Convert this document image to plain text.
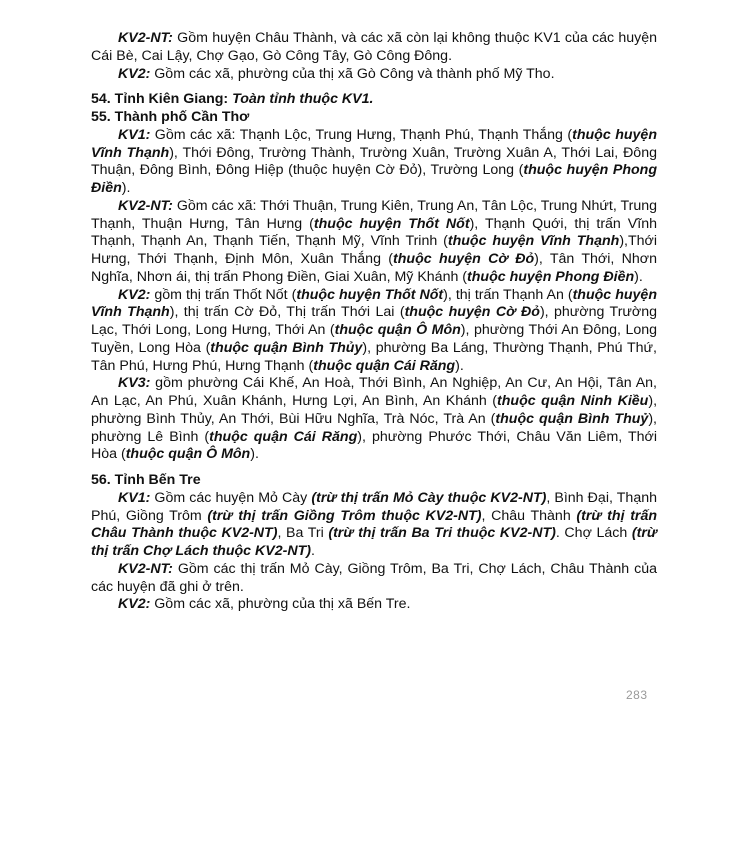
KV2-NT: Gồm huyện Châu Thành, và các xã còn lại không thuộc KV1 của các huyện Cái Bè, Cai Lậy, Chợ Gạo, Gò Công Tây, Gò Công Đông.

KV2: Gồm các xã, phường của thị xã Gò Công và thành phố Mỹ Tho.

54. Tỉnh Kiên Giang: Toàn tỉnh thuộc KV1.

55. Thành phố Cần Thơ

KV1: Gồm các xã: Thạnh Lộc, Trung Hưng, Thạnh Phú, Thạnh Thắng (thuộc huyện Vĩnh Thạnh), Thới Đông, Trường Thành, Trường Xuân, Trường Xuân A, Thới Lai, Đông Thuận, Đông Bình, Đông Hiệp (thuộc huyện Cờ Đỏ), Trường Long (thuộc huyện Phong Điền).

KV2-NT: Gồm các xã: Thới Thuận, Trung Kiên, Trung An, Tân Lộc, Trung Nhứt, Trung Thạnh, Thuận Hưng, Tân Hưng (thuộc huyện Thốt Nốt), Thạnh Quới, thị trấn Vĩnh Thạnh, Thạnh An, Thạnh Tiến, Thạnh Mỹ, Vĩnh Trinh (thuộc huyện Vĩnh Thạnh),Thới Hưng, Thới Thạnh, Định Môn, Xuân Thắng (thuộc huyện Cờ Đỏ), Tân Thới, Nhơn Nghĩa, Nhơn ái, thị trấn Phong Điền, Giai Xuân, Mỹ Khánh (thuộc huyện Phong Điền).

KV2: gồm thị trấn Thốt Nốt (thuộc huyện Thốt Nốt), thị trấn Thạnh An (thuộc huyện Vĩnh Thạnh), thị trấn Cờ Đỏ, Thị trấn Thới Lai (thuộc huyện Cờ Đỏ), phường Trường Lạc, Thới Long, Long Hưng, Thới An (thuộc quận Ô Môn), phường Thới An Đông, Long Tuyền, Long Hòa (thuộc quận Bình Thủy), phường Ba Láng, Thường Thạnh, Phú Thứ, Tân Phú, Hưng Phú, Hưng Thạnh (thuộc quận Cái Răng).

KV3: gồm phường Cái Khế, An Hoà, Thới Bình, An Nghiệp, An Cư, An Hội, Tân An, An Lạc, An Phú, Xuân Khánh, Hưng Lợi, An Bình, An Khánh (thuộc quận Ninh Kiều), phường Bình Thủy, An Thới, Bùi Hữu Nghĩa, Trà Nóc, Trà An (thuộc quận Bình Thuỷ), phường Lê Bình (thuộc quận Cái Răng), phường Phước Thới, Châu Văn Liêm, Thới Hòa (thuộc quận Ô Môn).

56. Tỉnh Bến Tre

KV1: Gồm các huyện Mỏ Cày (trừ thị trấn Mỏ Cày thuộc KV2-NT), Bình Đại, Thạnh Phú, Giồng Trôm (trừ thị trấn Giồng Trôm thuộc KV2-NT), Châu Thành (trừ thị trấn Châu Thành thuộc KV2-NT), Ba Tri (trừ thị trấn Ba Tri thuộc KV2-NT). Chợ Lách (trừ thị trấn Chợ Lách thuộc KV2-NT).

KV2-NT: Gồm các thị trấn Mỏ Cày, Giồng Trôm, Ba Tri, Chợ Lách, Châu Thành của các huyện đã ghi ở trên.

KV2: Gồm các xã, phường của thị xã Bến Tre.

283
